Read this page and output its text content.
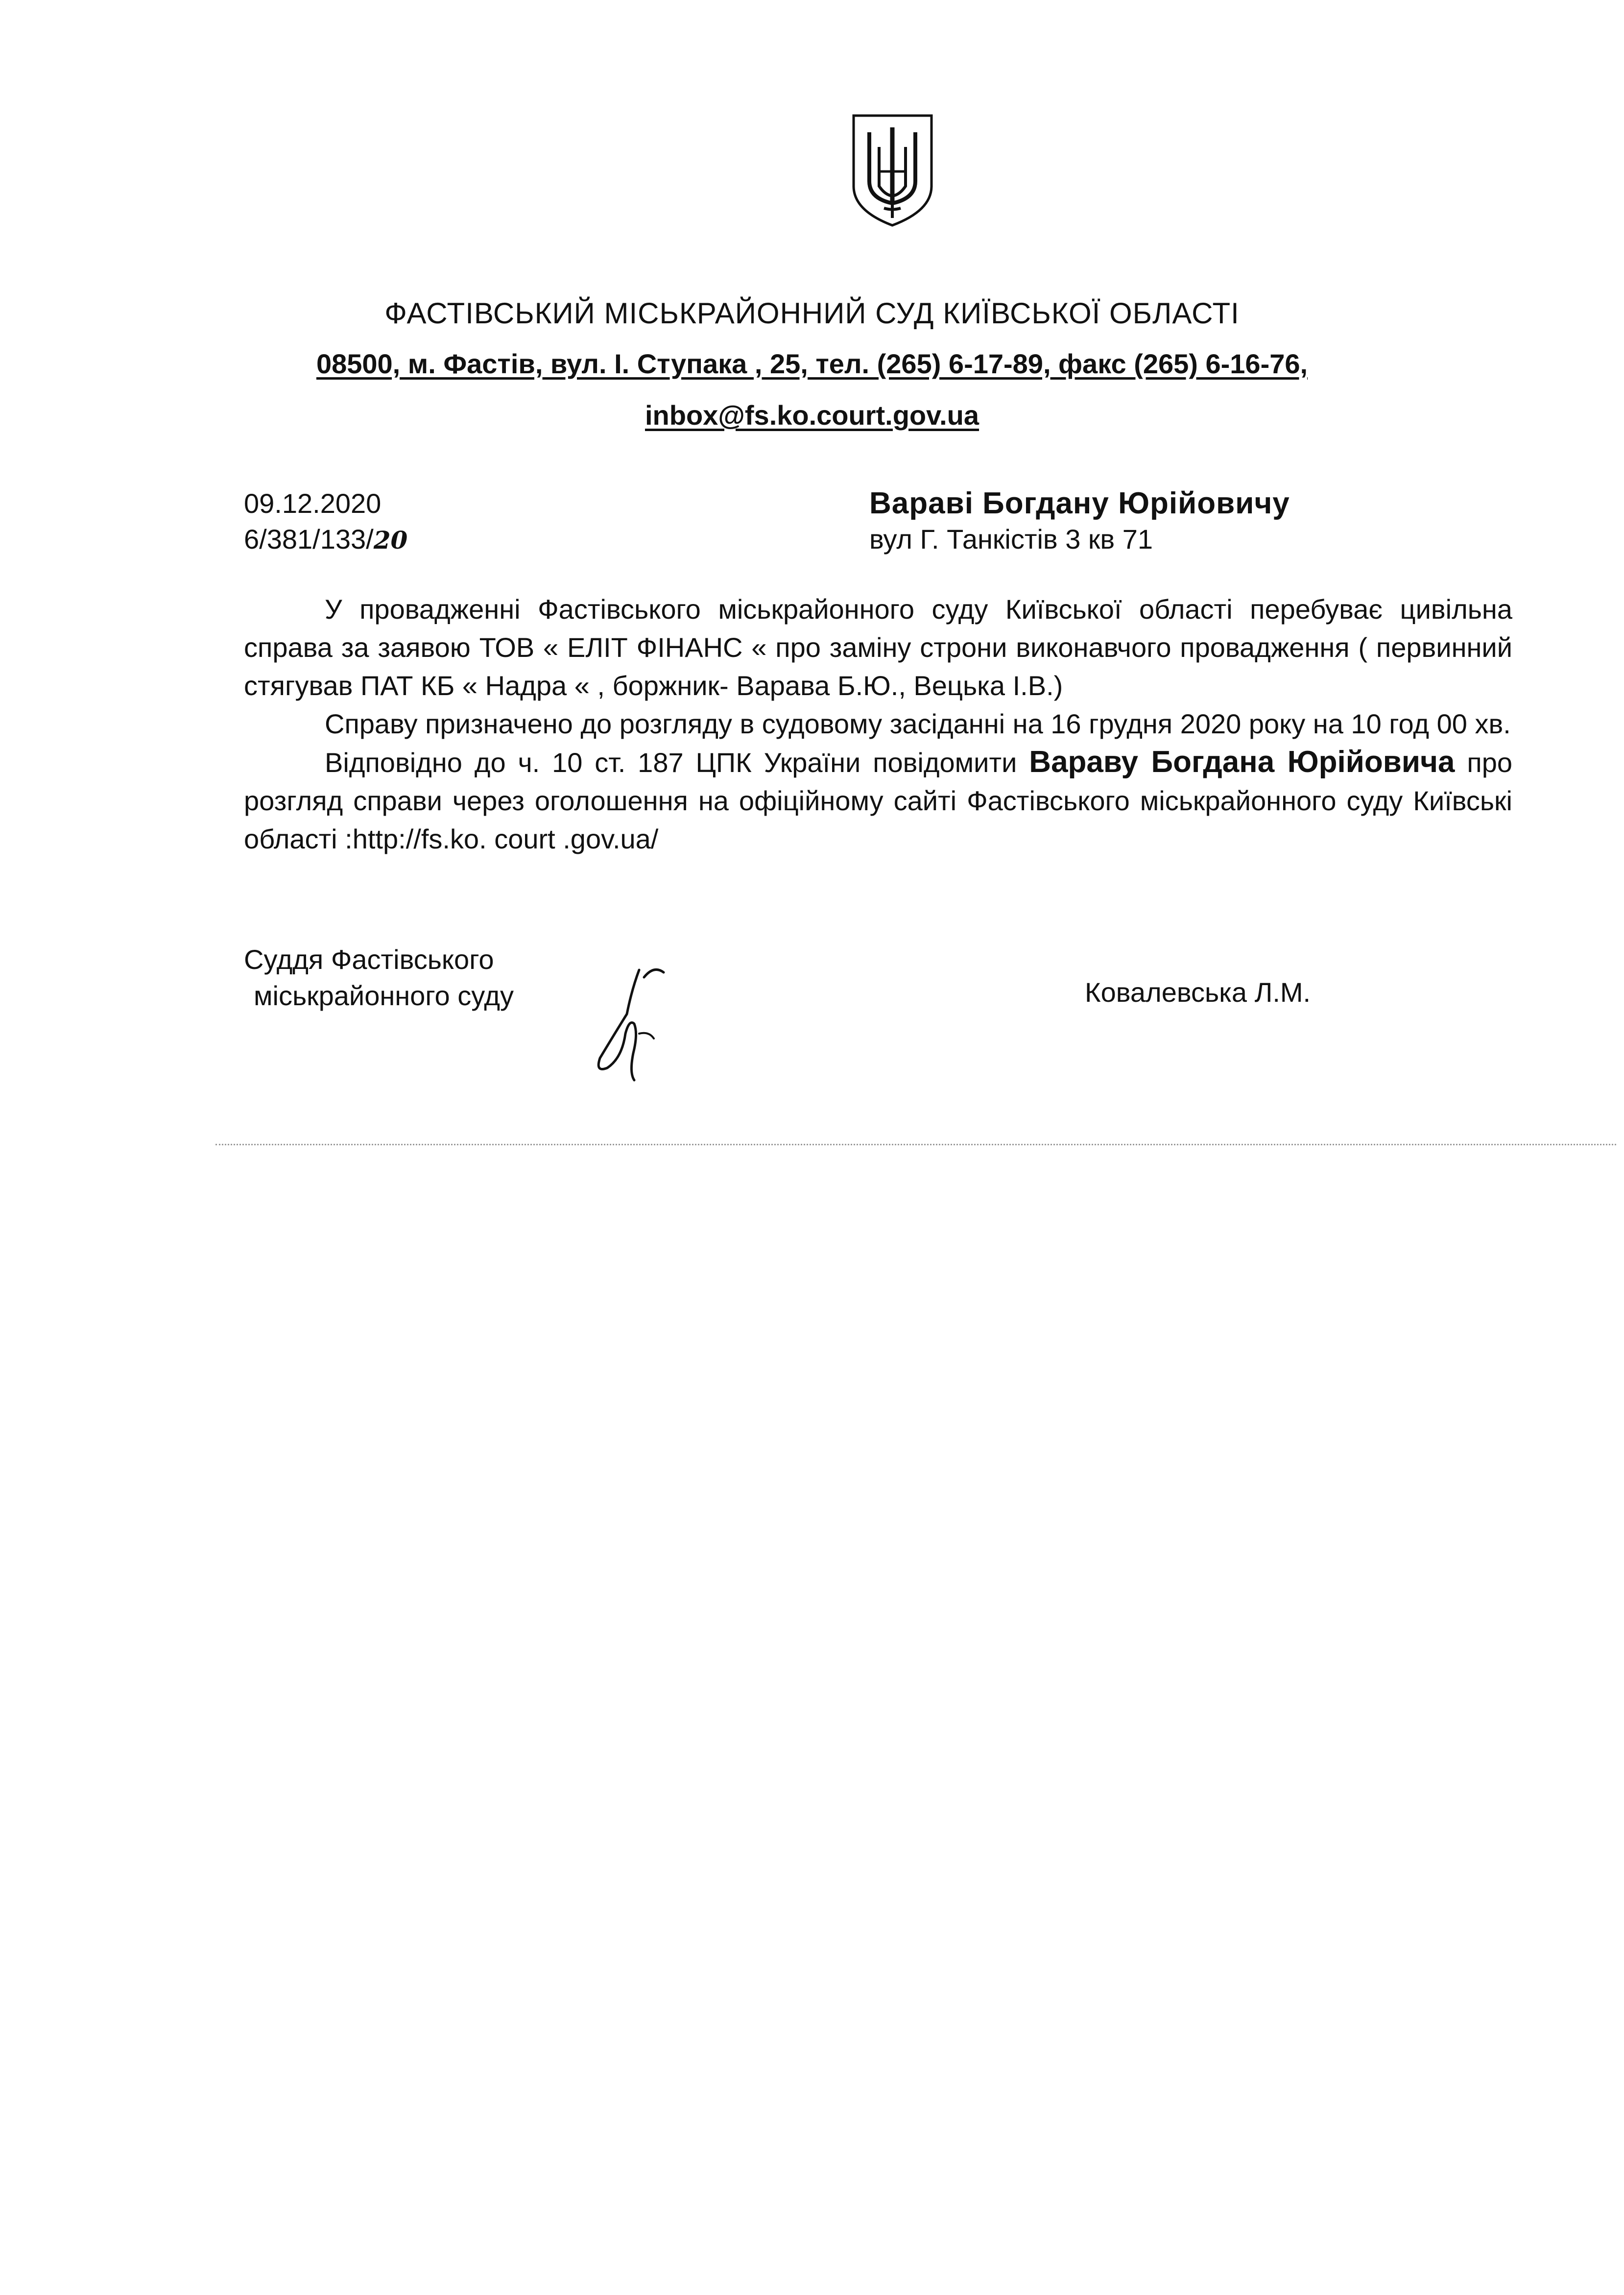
ФАСТІВСЬКИЙ МІСЬКРАЙОННИЙ СУД КИЇВСЬКОЇ ОБЛАСТІ
08500, м. Фастів, вул. І. Ступака , 25, тел. (265) 6-17-89, факс (265) 6-16-76,
inbox@fs.ko.court.gov.ua
09.12.2020
6/381/133/20
Вараві Богдану Юрійовичу
вул Г. Танкістів 3 кв 71

У провадженні Фастівського міськрайонного суду Київської області перебуває цивільна справа за заявою ТОВ « ЕЛІТ ФІНАНС « про заміну строни виконавчого провадження ( первинний стягував ПАТ КБ « Надра « , боржник- Варава Б.Ю., Вецька І.В.)

Справу призначено до розгляду в судовому засіданні на 16 грудня 2020 року на 10 год 00 хв.

Відповідно до ч. 10 ст. 187 ЦПК України повідомити Вараву Богдана Юрійовича про розгляд справи через оголошення на офіційному сайті Фастівського міськрайонного суду Київські області :http://fs.ko. court .gov.ua/

Суддя Фастівського
міськрайонного суду	Ковалевська Л.М.
